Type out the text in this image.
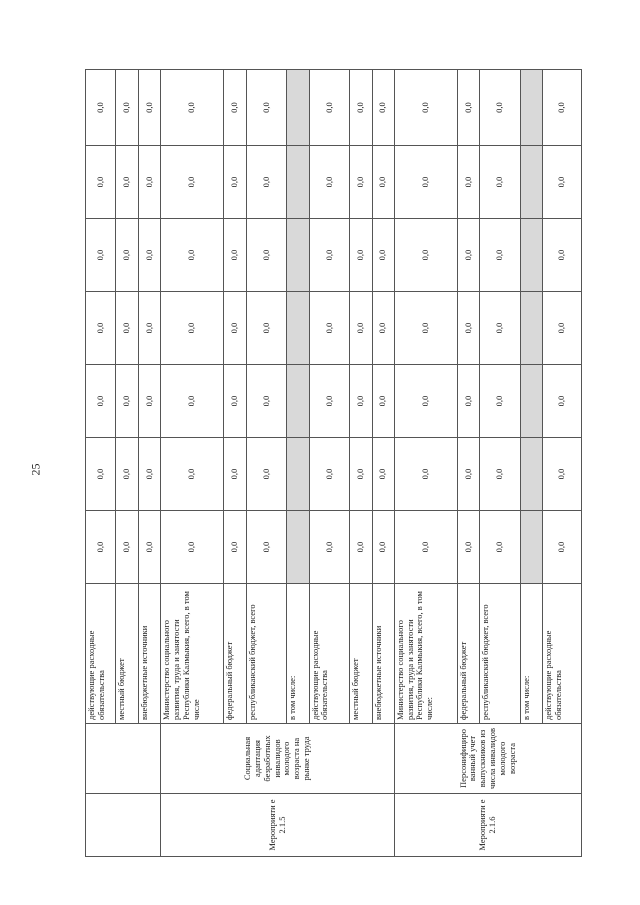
25
		действующие расходные обязательства	0,0	0,0	0,0	0,0	0,0	0,0	0,0
		местный бюджет	0,0	0,0	0,0	0,0	0,0	0,0	0,0
		внебюджетные источники	0,0	0,0	0,0	0,0	0,0	0,0	0,0
Мероприяти е 2.1.5	Социальная адаптация безработных инвалидов молодого возраста на рынке труда	Министерство социального развития, труда и занятости Республики Калмыкия, всего, в том числе	0,0	0,0	0,0	0,0	0,0	0,0	0,0
		федеральный бюджет	0,0	0,0	0,0	0,0	0,0	0,0	0,0
		республиканский бюджет, всего	0,0	0,0	0,0	0,0	0,0	0,0	0,0
		в том числе:							
		действующие расходные обязательства	0,0	0,0	0,0	0,0	0,0	0,0	0,0
		местный бюджет	0,0	0,0	0,0	0,0	0,0	0,0	0,0
		внебюджетные источники	0,0	0,0	0,0	0,0	0,0	0,0	0,0
Мероприяти е 2.1.6	Персонифициро ванный учет выпускников из числа инвалидов молодого возраста	Министерство социального развития, труда и занятости Республики Калмыкия, всего, в том числе:	0,0	0,0	0,0	0,0	0,0	0,0	0,0
		федеральный бюджет	0,0	0,0	0,0	0,0	0,0	0,0	0,0
		республиканский бюджет, всего	0,0	0,0	0,0	0,0	0,0	0,0	0,0
		в том числе:							
		действующие расходные обязательства	0,0	0,0	0,0	0,0	0,0	0,0	0,0
